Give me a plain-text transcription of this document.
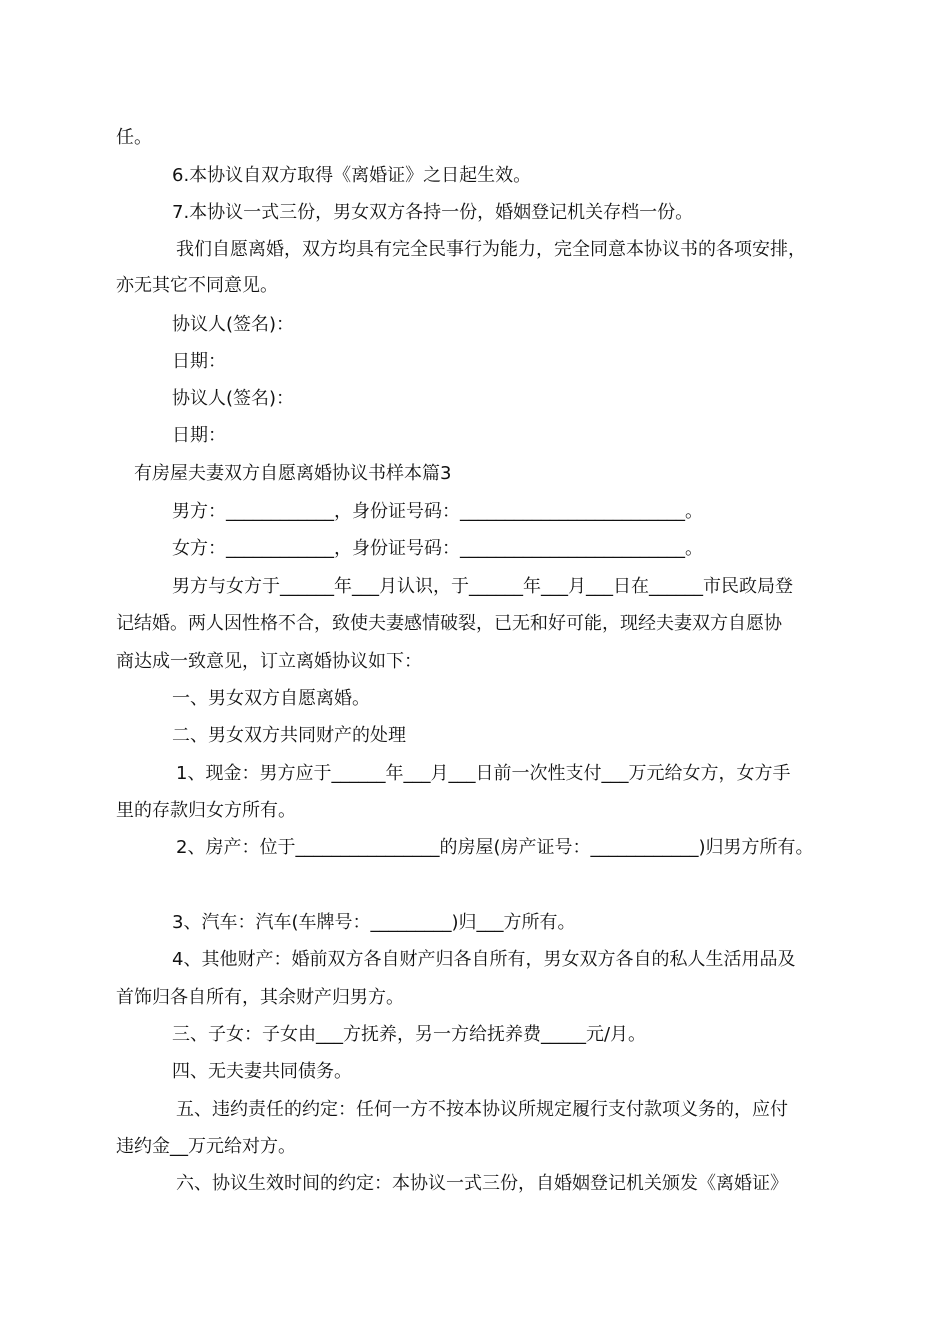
任。

6.本协议自双方取得《离婚证》之日起生效。

7.本协议一式三份，男女双方各持一份，婚姻登记机关存档一份。

我们自愿离婚，双方均具有完全民事行为能力，完全同意本协议书的各项安排，

亦无其它不同意见。

协议人(签名)：

日期：

协议人(签名)：

日期：

有房屋夫妻双方自愿离婚协议书样本篇3

男方：____________，身份证号码：_________________________。

女方：____________，身份证号码：_________________________。

男方与女方于______年___月认识，于______年___月___日在______市民政局登

记结婚。两人因性格不合，致使夫妻感情破裂，已无和好可能，现经夫妻双方自愿协

商达成一致意见，订立离婚协议如下：

一、男女双方自愿离婚。

二、男女双方共同财产的处理

1、现金：男方应于______年___月___日前一次性支付___万元给女方，女方手

里的存款归女方所有。

2、房产：位于________________的房屋(房产证号：____________)归男方所有。

3、汽车：汽车(车牌号：_________)归___方所有。

4、其他财产：婚前双方各自财产归各自所有，男女双方各自的私人生活用品及

首饰归各自所有，其余财产归男方。

三、子女：子女由___方抚养，另一方给抚养费_____元/月。

四、无夫妻共同债务。

五、违约责任的约定：任何一方不按本协议所规定履行支付款项义务的，应付

违约金__万元给对方。

六、协议生效时间的约定：本协议一式三份，自婚姻登记机关颁发《离婚证》
